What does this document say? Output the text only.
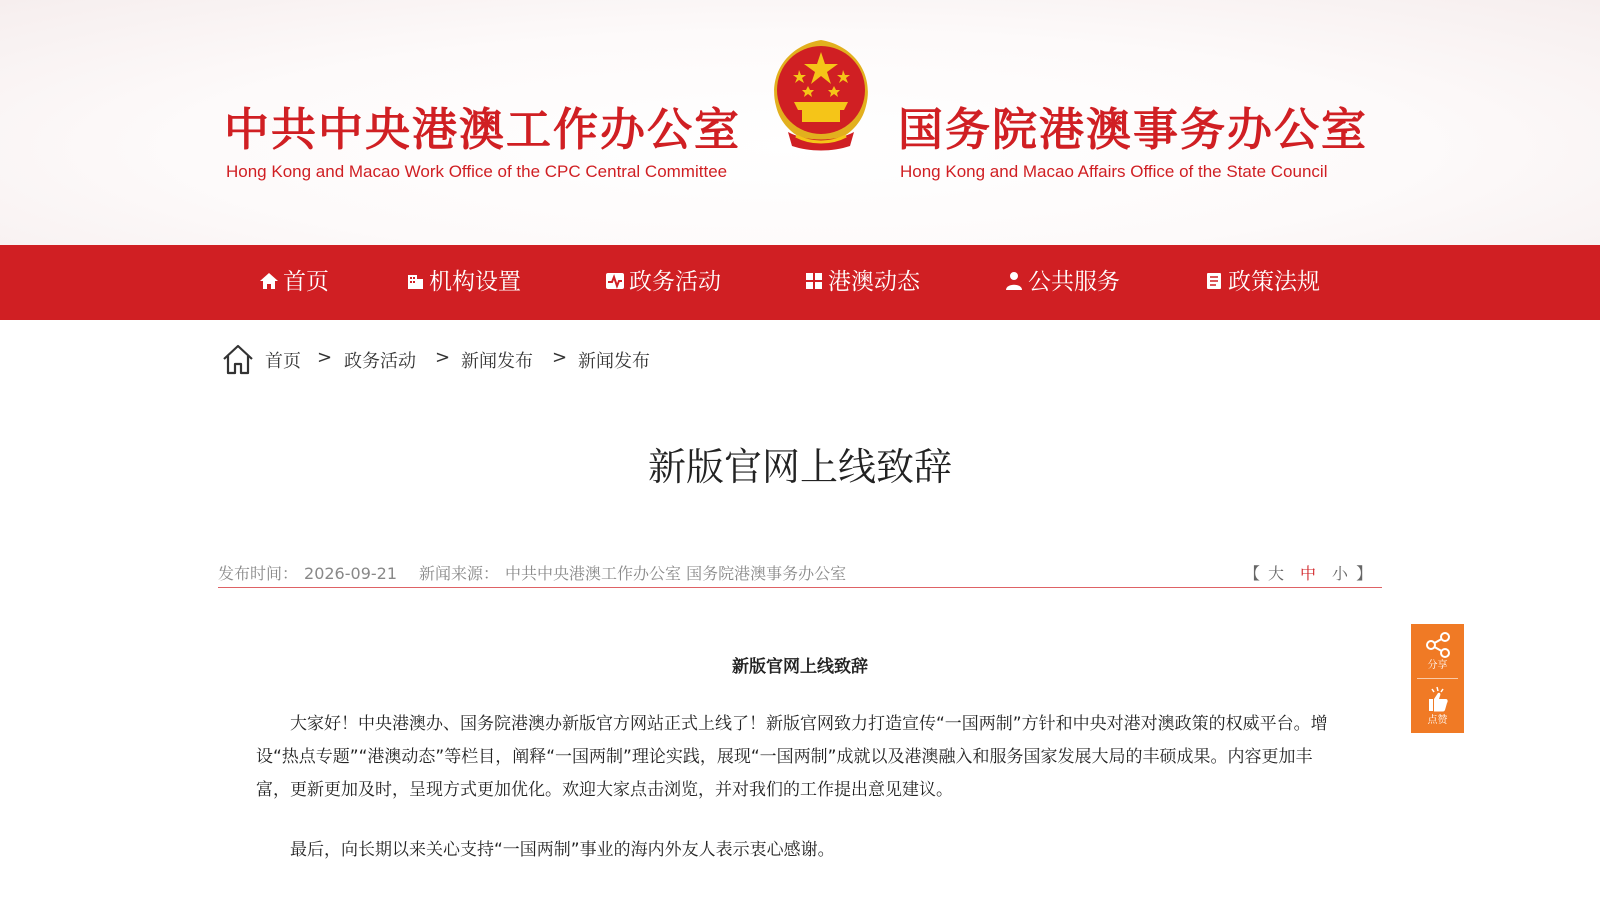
中共中央港澳工作办公室
Hong Kong and Macao Work Office of the CPC Central Committee
国务院港澳事务办公室
Hong Kong and Macao Affairs Office of the State Council
首页	机构设置	政务活动	港澳动态	公共服务	政策法规
首页 > 政务活动 > 新闻发布 > 新闻发布
新版官网上线致辞
发布时间： 2026-09-21 新闻来源： 中共中央港澳工作办公室 国务院港澳事务办公室	【 大 中 小 】
新版官网上线致辞

大家好！中央港澳办、国务院港澳办新版官方网站正式上线了！新版官网致力打造宣传“一国两制”方针和中央对港对澳政策的权威平台。增设“热点专题”“港澳动态”等栏目，阐释“一国两制”理论实践，展现“一国两制”成就以及港澳融入和服务国家发展大局的丰硕成果。内容更加丰富，更新更加及时，呈现方式更加优化。欢迎大家点击浏览，并对我们的工作提出意见建议。

最后，向长期以来关心支持“一国两制”事业的海内外友人表示衷心感谢。

分享
点赞
